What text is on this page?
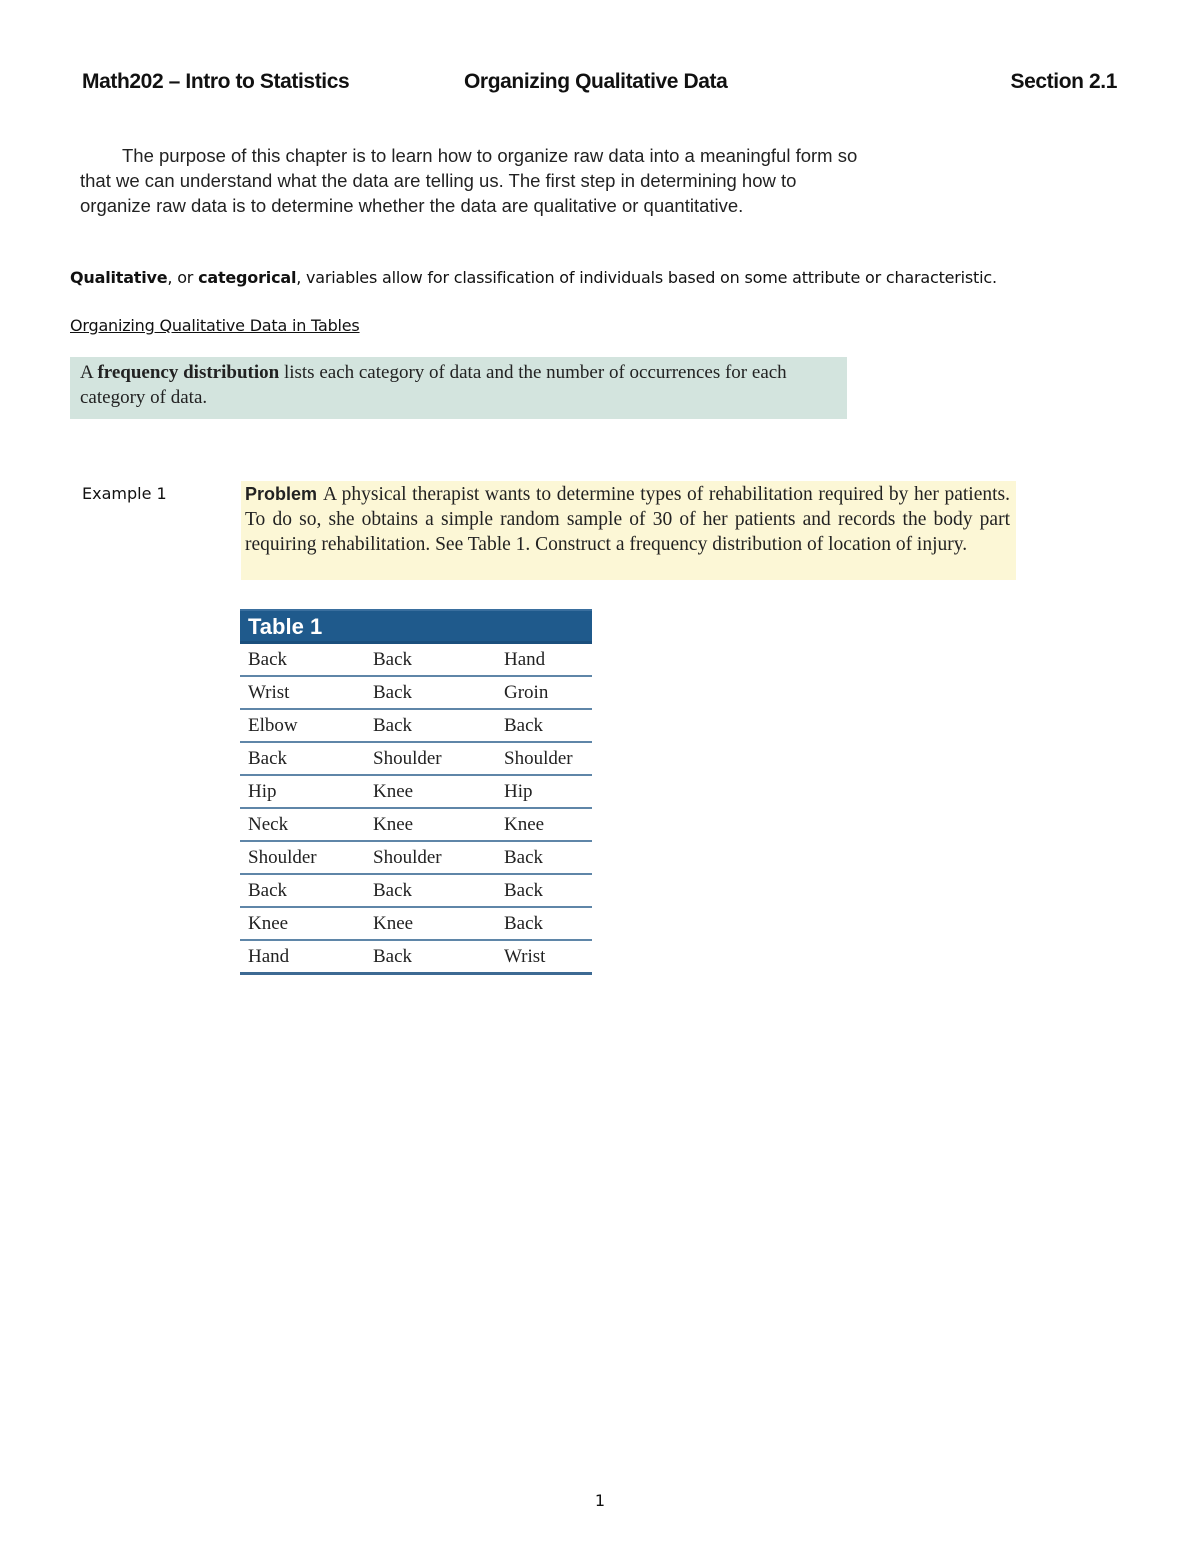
Math202 – Intro to Statistics	Organizing Qualitative Data	Section 2.1
The purpose of this chapter is to learn how to organize raw data into a meaningful form so that we can understand what the data are telling us. The first step in determining how to organize raw data is to determine whether the data are qualitative or quantitative.
Qualitative, or categorical, variables allow for classification of individuals based on some attribute or characteristic.
Organizing Qualitative Data in Tables
A frequency distribution lists each category of data and the number of occurrences for each category of data.
Example 1	Problem A physical therapist wants to determine types of rehabilitation required by her patients. To do so, she obtains a simple random sample of 30 of her patients and records the body part requiring rehabilitation. See Table 1. Construct a frequency distribution of location of injury.
Table 1
Back	Back	Hand
Wrist	Back	Groin
Elbow	Back	Back
Back	Shoulder	Shoulder
Hip	Knee	Hip
Neck	Knee	Knee
Shoulder	Shoulder	Back
Back	Back	Back
Knee	Knee	Back
Hand	Back	Wrist
1
